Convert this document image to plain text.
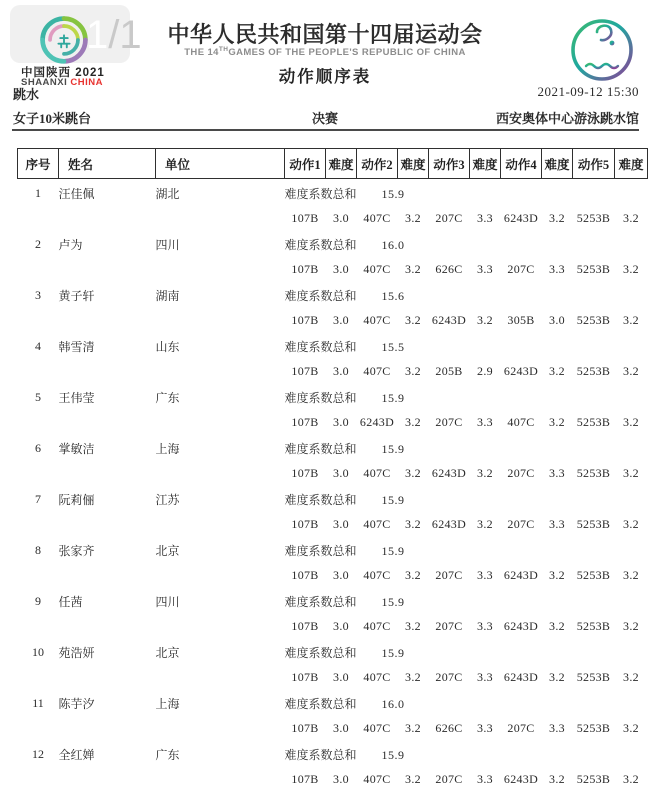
1/1
中国陕西 2021
SHAANXI CHINA
中华人民共和国第十四届运动会
THE 14THGAMES OF THE PEOPLE'S REPUBLIC OF CHINA
动作顺序表
跳水	2021-09-12 15:30
决赛
女子10米跳台	西安奥体中心游泳跳水馆
序号	姓名	单位	动作1	难度	动作2	难度	动作3	难度	动作4	难度	动作5	难度
1	汪佳佩	湖北	难度系数总和 15.9									
			107B	3.0	407C	3.2	207C	3.3	6243D	3.2	5253B	3.2
2	卢为	四川	难度系数总和 16.0									
			107B	3.0	407C	3.2	626C	3.3	207C	3.3	5253B	3.2
3	黄子轩	湖南	难度系数总和 15.6									
			107B	3.0	407C	3.2	6243D	3.2	305B	3.0	5253B	3.2
4	韩雪清	山东	难度系数总和 15.5									
			107B	3.0	407C	3.2	205B	2.9	6243D	3.2	5253B	3.2
5	王伟莹	广东	难度系数总和 15.9									
			107B	3.0	6243D	3.2	207C	3.3	407C	3.2	5253B	3.2
6	掌敏洁	上海	难度系数总和 15.9									
			107B	3.0	407C	3.2	6243D	3.2	207C	3.3	5253B	3.2
7	阮莉俪	江苏	难度系数总和 15.9									
			107B	3.0	407C	3.2	6243D	3.2	207C	3.3	5253B	3.2
8	张家齐	北京	难度系数总和 15.9									
			107B	3.0	407C	3.2	207C	3.3	6243D	3.2	5253B	3.2
9	任茜	四川	难度系数总和 15.9									
			107B	3.0	407C	3.2	207C	3.3	6243D	3.2	5253B	3.2
10	苑浩妍	北京	难度系数总和 15.9									
			107B	3.0	407C	3.2	207C	3.3	6243D	3.2	5253B	3.2
11	陈芋汐	上海	难度系数总和 16.0									
			107B	3.0	407C	3.2	626C	3.3	207C	3.3	5253B	3.2
12	全红婵	广东	难度系数总和 15.9									
			107B	3.0	407C	3.2	207C	3.3	6243D	3.2	5253B	3.2
